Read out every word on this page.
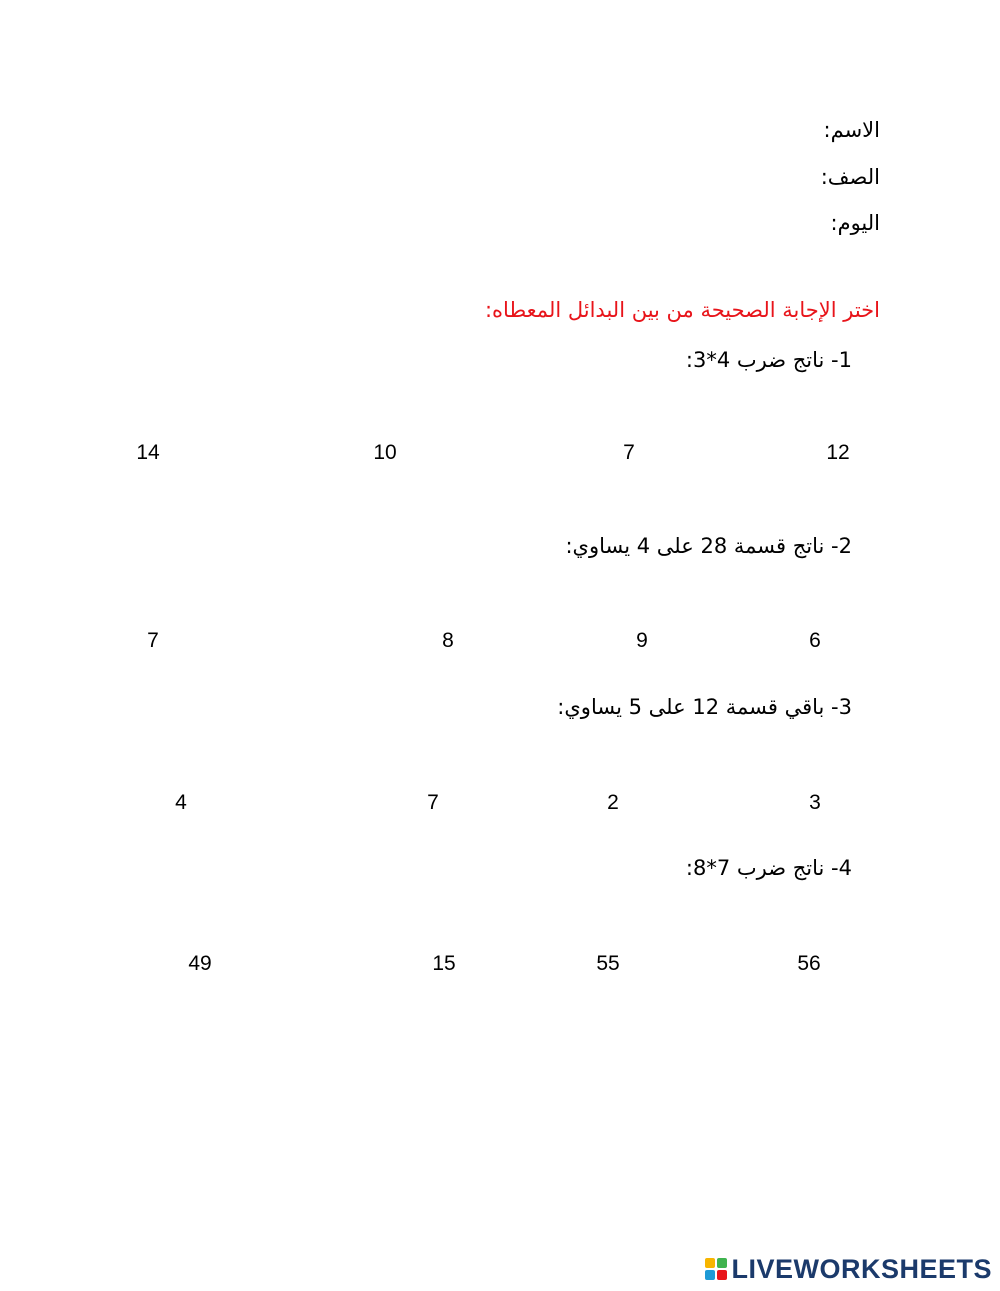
الاسم:
الصف:
اليوم:
اختر الإجابة الصحيحة من بين البدائل المعطاه:
1- ناتج ضرب 4*3:
12
7
10
14
2- ناتج قسمة 28 على 4 يساوي:
6
9
8
7
3- باقي قسمة 12 على 5 يساوي:
3
2
7
4
4- ناتج ضرب 7*8:
56
55
15
49
LIVEWORKSHEETS
